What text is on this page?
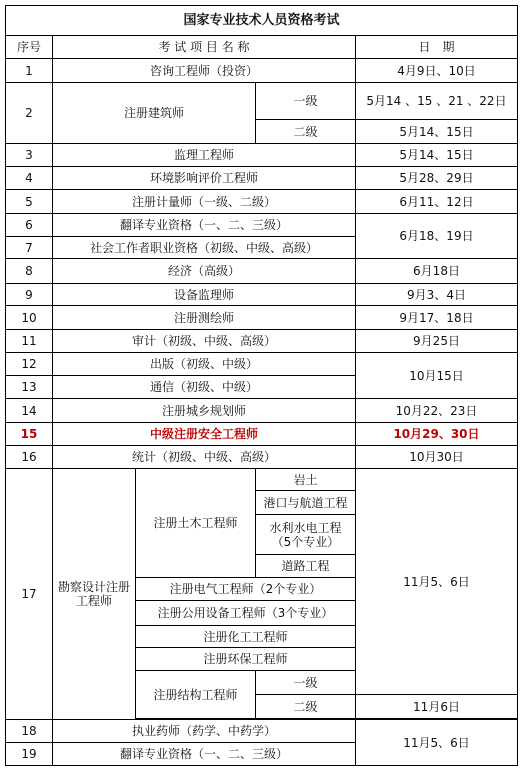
国家专业技术人员资格考试				
序号	考 试 项 目 名 称			日　期
1	咨询工程师（投资）			4月9日、10日
2	注册建筑师		一级	5月14 、15 、21 、22日
			二级	5月14、15日
3	监理工程师			5月14、15日
4	环境影响评价工程师			5月28、29日
5	注册计量师（一级、二级）			6月11、12日
6	翻译专业资格（一、二、三级）			6月18、19日
7	社会工作者职业资格（初级、中级、高级）			
8	经济（高级）			6月18日
9	设备监理师			9月3、4日
10	注册测绘师			9月17、18日
11	审计（初级、中级、高级）			9月25日
12	出版（初级、中级）			10月15日
13	通信（初级、中级）			
14	注册城乡规划师			10月22、23日
15	中级注册安全工程师			10月29、30日
16	统计（初级、中级、高级）			10月30日
17	勘察设计注册工程师	注册土木工程师	岩土	11月5、6日
			港口与航道工程	
			水利水电工程
（5个专业）	
			道路工程	
		注册电气工程师（2个专业）		
		注册公用设备工程师（3个专业）		
		注册化工工程师		
		注册环保工程师		
		注册结构工程师	一级	
			二级	11月6日

18	执业药师（药学、中药学）			11月5、6日
19	翻译专业资格（一、二、三级）			
